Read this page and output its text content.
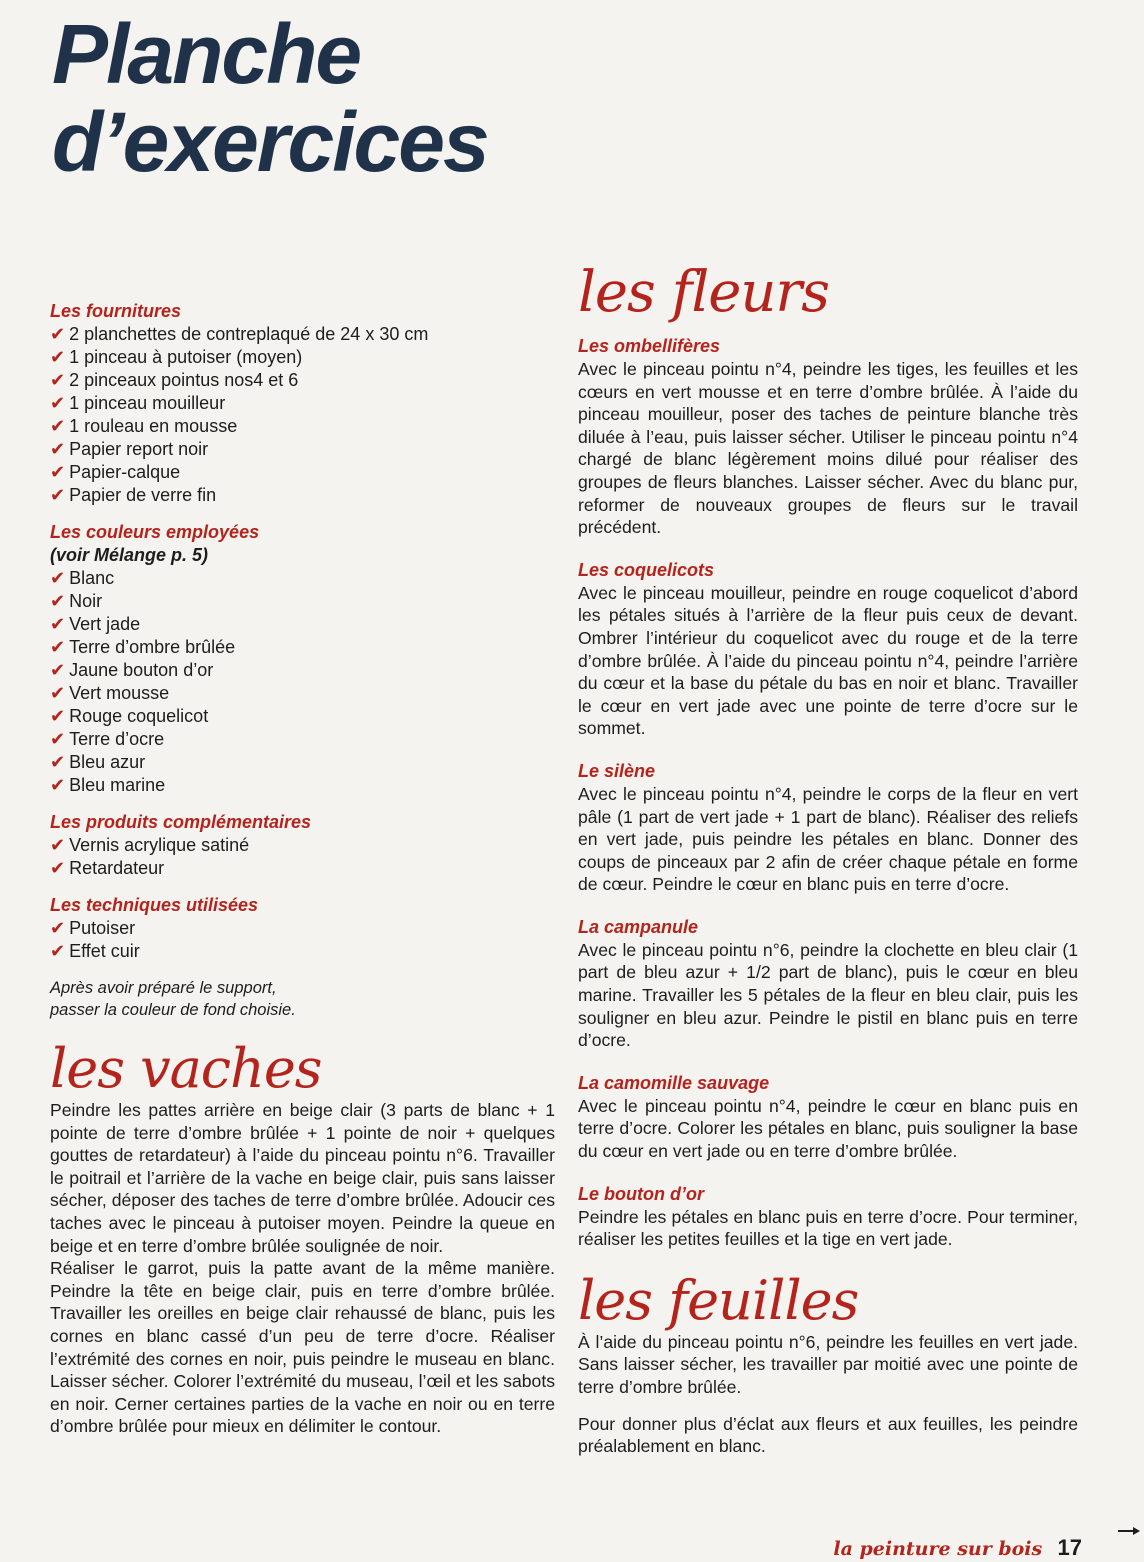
Planche
d’exercices
Les fournitures
✔ 2 planchettes de contreplaqué de 24 x 30 cm
✔ 1 pinceau à putoiser (moyen)
✔ 2 pinceaux pointus nos4 et 6
✔ 1 pinceau mouilleur
✔ 1 rouleau en mousse
✔ Papier report noir
✔ Papier-calque
✔ Papier de verre fin
Les couleurs employées

(voir Mélange p. 5)

✔ Blanc
✔ Noir
✔ Vert jade
✔ Terre d’ombre brûlée
✔ Jaune bouton d’or
✔ Vert mousse
✔ Rouge coquelicot
✔ Terre d’ocre
✔ Bleu azur
✔ Bleu marine
Les produits complémentaires
✔ Vernis acrylique satiné
✔ Retardateur
Les techniques utilisées
✔ Putoiser
✔ Effet cuir

Après avoir préparé le support,
passer la couleur de fond choisie.

les vaches

Peindre les pattes arrière en beige clair (3 parts de blanc + 1 pointe de terre d’ombre brûlée + 1 pointe de noir + quelques gouttes de retardateur) à l’aide du pinceau pointu n°6. Travailler le poitrail et l’arrière de la vache en beige clair, puis sans laisser sécher, déposer des taches de terre d’ombre brûlée. Adoucir ces taches avec le pinceau à putoiser moyen. Peindre la queue en beige et en terre d’ombre brûlée soulignée de noir.

Réaliser le garrot, puis la patte avant de la même manière. Peindre la tête en beige clair, puis en terre d’ombre brûlée. Travailler les oreilles en beige clair rehaussé de blanc, puis les cornes en blanc cassé d’un peu de terre d’ocre. Réaliser l’extrémité des cornes en noir, puis peindre le museau en blanc. Laisser sécher. Colorer l’extrémité du museau, l’œil et les sabots en noir. Cerner certaines parties de la vache en noir ou en terre d’ombre brûlée pour mieux en délimiter le contour.

les fleurs
Les ombellifères

Avec le pinceau pointu n°4, peindre les tiges, les feuilles et les cœurs en vert mousse et en terre d’ombre brûlée. À l’aide du pinceau mouilleur, poser des taches de peinture blanche très diluée à l’eau, puis laisser sécher. Utiliser le pinceau pointu n°4 chargé de blanc légèrement moins dilué pour réaliser des groupes de fleurs blanches. Laisser sécher. Avec du blanc pur, reformer de nouveaux groupes de fleurs sur le travail précédent.

Les coquelicots

Avec le pinceau mouilleur, peindre en rouge coquelicot d’abord les pétales situés à l’arrière de la fleur puis ceux de devant. Ombrer l’intérieur du coquelicot avec du rouge et de la terre d’ombre brûlée. À l’aide du pinceau pointu n°4, peindre l’arrière du cœur et la base du pétale du bas en noir et blanc. Travailler le cœur en vert jade avec une pointe de terre d’ocre sur le sommet.

Le silène

Avec le pinceau pointu n°4, peindre le corps de la fleur en vert pâle (1 part de vert jade + 1 part de blanc). Réaliser des reliefs en vert jade, puis peindre les pétales en blanc. Donner des coups de pinceaux par 2 afin de créer chaque pétale en forme de cœur. Peindre le cœur en blanc puis en terre d’ocre.

La campanule

Avec le pinceau pointu n°6, peindre la clochette en bleu clair (1 part de bleu azur + 1/2 part de blanc), puis le cœur en bleu marine. Travailler les 5 pétales de la fleur en bleu clair, puis les souligner en bleu azur. Peindre le pistil en blanc puis en terre d’ocre.

La camomille sauvage

Avec le pinceau pointu n°4, peindre le cœur en blanc puis en terre d’ocre. Colorer les pétales en blanc, puis souligner la base du cœur en vert jade ou en terre d’ombre brûlée.

Le bouton d’or

Peindre les pétales en blanc puis en terre d’ocre. Pour terminer, réaliser les petites feuilles et la tige en vert jade.

les feuilles

À l’aide du pinceau pointu n°6, peindre les feuilles en vert jade. Sans laisser sécher, les travailler par moitié avec une pointe de terre d’ombre brûlée.

Pour donner plus d’éclat aux fleurs et aux feuilles, les peindre préalablement en blanc.

la peinture sur bois 17
